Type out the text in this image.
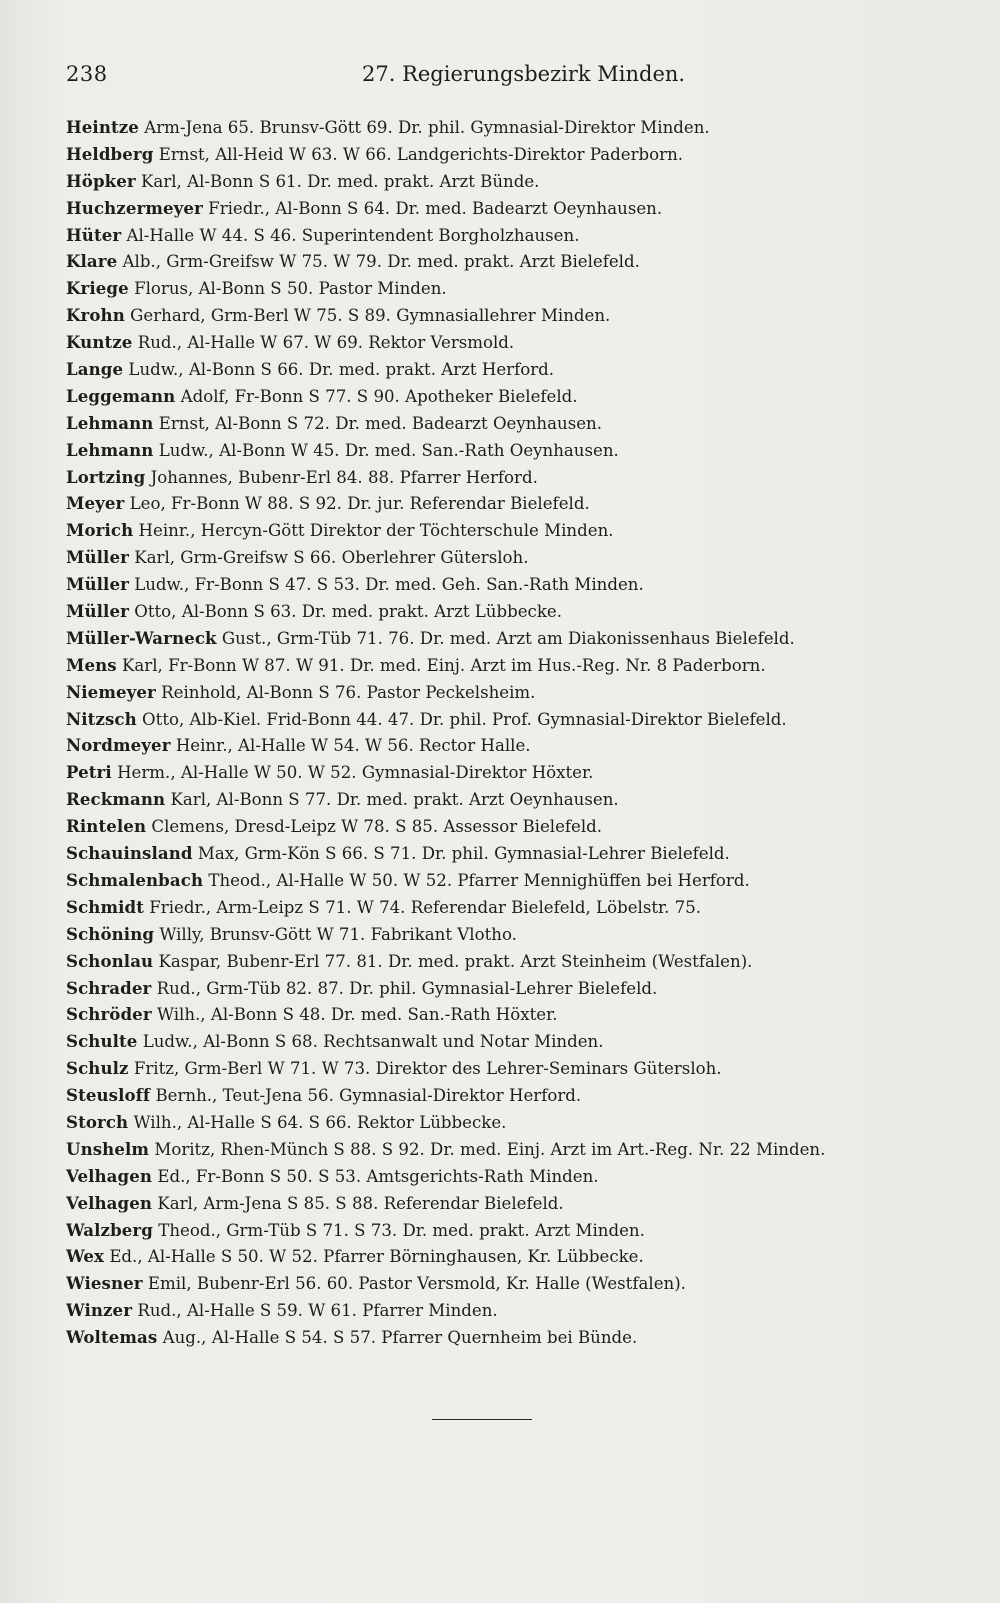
238	27. Regierungsbezirk Minden.
Heintze Arm-Jena 65. Brunsv-Gött 69. Dr. phil. Gymnasial-Direktor Minden.
Heldberg Ernst, All-Heid W 63. W 66. Landgerichts-Direktor Paderborn.
Höpker Karl, Al-Bonn S 61. Dr. med. prakt. Arzt Bünde.
Huchzermeyer Friedr., Al-Bonn S 64. Dr. med. Badearzt Oeynhausen.
Hüter Al-Halle W 44. S 46. Superintendent Borgholzhausen.
Klare Alb., Grm-Greifsw W 75. W 79. Dr. med. prakt. Arzt Bielefeld.
Kriege Florus, Al-Bonn S 50. Pastor Minden.
Krohn Gerhard, Grm-Berl W 75. S 89. Gymnasiallehrer Minden.
Kuntze Rud., Al-Halle W 67. W 69. Rektor Versmold.
Lange Ludw., Al-Bonn S 66. Dr. med. prakt. Arzt Herford.
Leggemann Adolf, Fr-Bonn S 77. S 90. Apotheker Bielefeld.
Lehmann Ernst, Al-Bonn S 72. Dr. med. Badearzt Oeynhausen.
Lehmann Ludw., Al-Bonn W 45. Dr. med. San.-Rath Oeynhausen.
Lortzing Johannes, Bubenr-Erl 84. 88. Pfarrer Herford.
Meyer Leo, Fr-Bonn W 88. S 92. Dr. jur. Referendar Bielefeld.
Morich Heinr., Hercyn-Gött Direktor der Töchterschule Minden.
Müller Karl, Grm-Greifsw S 66. Oberlehrer Gütersloh.
Müller Ludw., Fr-Bonn S 47. S 53. Dr. med. Geh. San.-Rath Minden.
Müller Otto, Al-Bonn S 63. Dr. med. prakt. Arzt Lübbecke.
Müller-Warneck Gust., Grm-Tüb 71. 76. Dr. med. Arzt am Diakonissenhaus Bielefeld.
Mens Karl, Fr-Bonn W 87. W 91. Dr. med. Einj. Arzt im Hus.-Reg. Nr. 8 Paderborn.
Niemeyer Reinhold, Al-Bonn S 76. Pastor Peckelsheim.
Nitzsch Otto, Alb-Kiel. Frid-Bonn 44. 47. Dr. phil. Prof. Gymnasial-Direktor Bielefeld.
Nordmeyer Heinr., Al-Halle W 54. W 56. Rector Halle.
Petri Herm., Al-Halle W 50. W 52. Gymnasial-Direktor Höxter.
Reckmann Karl, Al-Bonn S 77. Dr. med. prakt. Arzt Oeynhausen.
Rintelen Clemens, Dresd-Leipz W 78. S 85. Assessor Bielefeld.
Schauinsland Max, Grm-Kön S 66. S 71. Dr. phil. Gymnasial-Lehrer Bielefeld.
Schmalenbach Theod., Al-Halle W 50. W 52. Pfarrer Mennighüffen bei Herford.
Schmidt Friedr., Arm-Leipz S 71. W 74. Referendar Bielefeld, Löbelstr. 75.
Schöning Willy, Brunsv-Gött W 71. Fabrikant Vlotho.
Schonlau Kaspar, Bubenr-Erl 77. 81. Dr. med. prakt. Arzt Steinheim (Westfalen).
Schrader Rud., Grm-Tüb 82. 87. Dr. phil. Gymnasial-Lehrer Bielefeld.
Schröder Wilh., Al-Bonn S 48. Dr. med. San.-Rath Höxter.
Schulte Ludw., Al-Bonn S 68. Rechtsanwalt und Notar Minden.
Schulz Fritz, Grm-Berl W 71. W 73. Direktor des Lehrer-Seminars Gütersloh.
Steusloff Bernh., Teut-Jena 56. Gymnasial-Direktor Herford.
Storch Wilh., Al-Halle S 64. S 66. Rektor Lübbecke.
Unshelm Moritz, Rhen-Münch S 88. S 92. Dr. med. Einj. Arzt im Art.-Reg. Nr. 22 Minden.
Velhagen Ed., Fr-Bonn S 50. S 53. Amtsgerichts-Rath Minden.
Velhagen Karl, Arm-Jena S 85. S 88. Referendar Bielefeld.
Walzberg Theod., Grm-Tüb S 71. S 73. Dr. med. prakt. Arzt Minden.
Wex Ed., Al-Halle S 50. W 52. Pfarrer Börninghausen, Kr. Lübbecke.
Wiesner Emil, Bubenr-Erl 56. 60. Pastor Versmold, Kr. Halle (Westfalen).
Winzer Rud., Al-Halle S 59. W 61. Pfarrer Minden.
Woltemas Aug., Al-Halle S 54. S 57. Pfarrer Quernheim bei Bünde.
